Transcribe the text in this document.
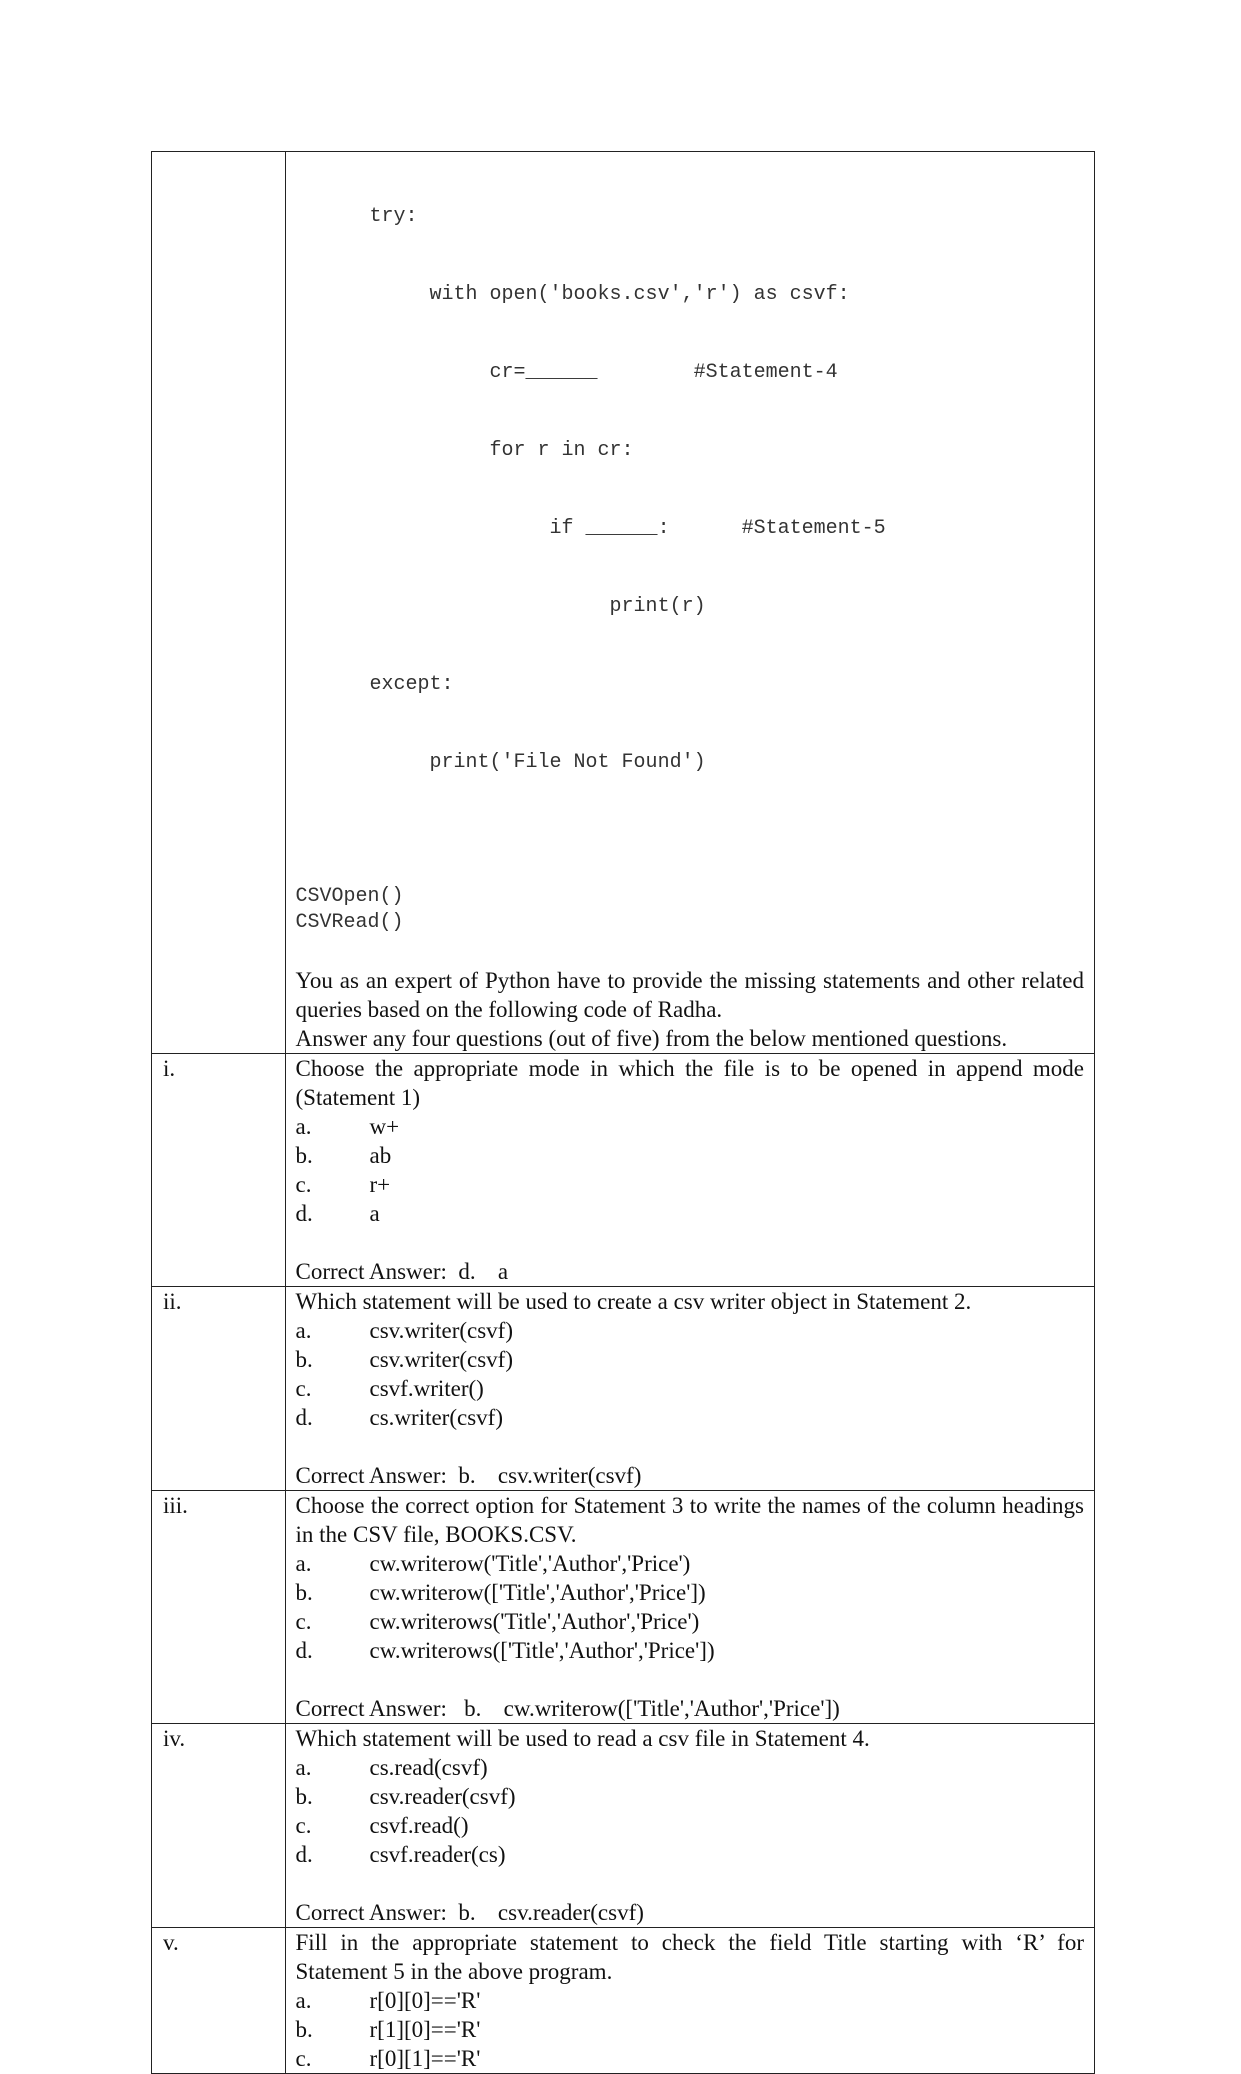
try:

with open('books.csv','r') as csvf:

cr=______        #Statement-4

for r in cr:

if ______:      #Statement-5

print(r)

except:

print('File Not Found')

CSVOpen()
CSVRead()
You as an expert of Python have to provide the missing statements and other related queries based on the following code of Radha.
Answer any four questions (out of five) from the below mentioned questions.

i.	Choose the appropriate mode in which the file is to be opened in append mode (Statement 1)
a.	w+
b.	ab
c.	r+
d.	a
Correct Answer: d. a

ii.	Which statement will be used to create a csv writer object in Statement 2.
a.	csv.writer(csvf)
b.	csv.writer(csvf)
c.	csvf.writer()
d.	cs.writer(csvf)
Correct Answer: b. csv.writer(csvf)

iii.	Choose the correct option for Statement 3 to write the names of the column headings in the CSV file, BOOKS.CSV.
a.	cw.writerow('Title','Author','Price')
b.	cw.writerow(['Title','Author','Price'])
c.	cw.writerows('Title','Author','Price')
d.	cw.writerows(['Title','Author','Price'])
Correct Answer: b. cw.writerow(['Title','Author','Price'])

iv.	Which statement will be used to read a csv file in Statement 4.
a.	cs.read(csvf)
b.	csv.reader(csvf)
c.	csvf.read()
d.	csvf.reader(cs)
Correct Answer: b. csv.reader(csvf)

v.	Fill in the appropriate statement to check the field Title starting with ‘R’ for Statement 5 in the above program.
a.	r[0][0]=='R'
b.	r[1][0]=='R'
c.	r[0][1]=='R'
